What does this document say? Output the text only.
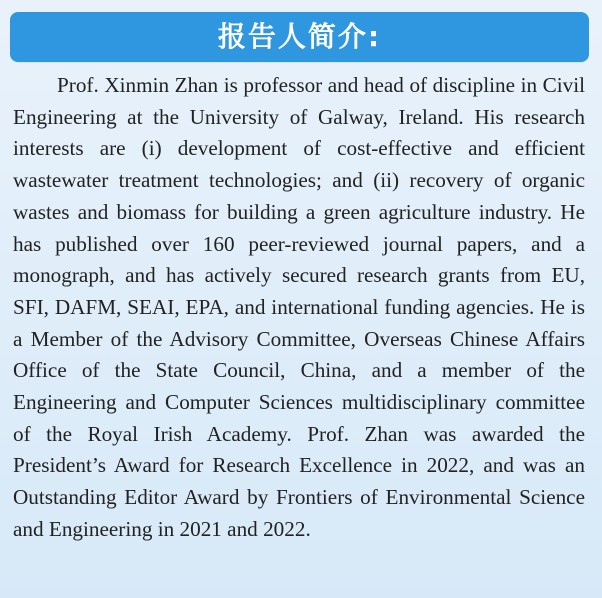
报告人简介:

Prof. Xinmin Zhan is professor and head of discipline in Civil Engineering at the University of Galway, Ireland. His research interests are (i) development of cost-effective and efficient wastewater treatment technologies; and (ii) recovery of organic wastes and biomass for building a green agriculture industry. He has published over 160 peer-reviewed journal papers, and a monograph, and has actively secured research grants from EU, SFI, DAFM, SEAI, EPA, and international funding agencies. He is a Member of the Advisory Committee, Overseas Chinese Affairs Office of the State Council, China, and a member of the Engineering and Computer Sciences multidisciplinary committee of the Royal Irish Academy. Prof. Zhan was awarded the President’s Award for Research Excellence in 2022, and was an Outstanding Editor Award by Frontiers of Environmental Science and Engineering in 2021 and 2022.
